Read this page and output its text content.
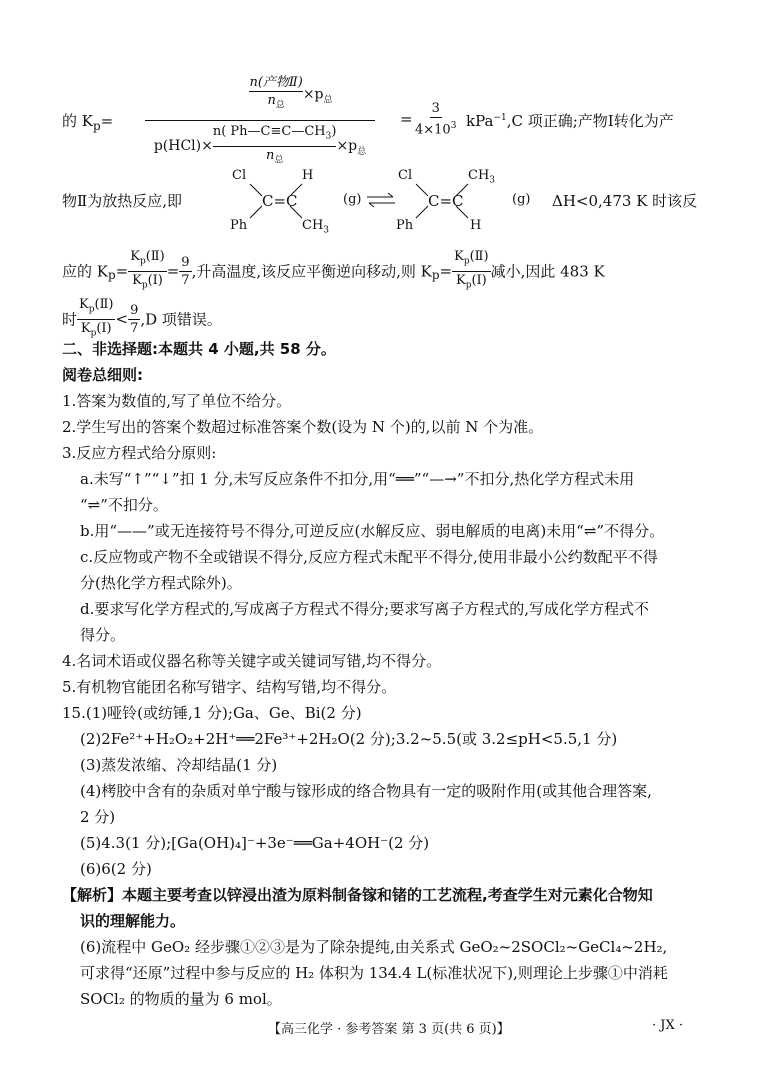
的 $K_p=$
n(产物Ⅱ)
$n_总$
$\times p_总$
p(HCl)×
n( $Ph—C\equiv C—CH_3$)
$n_总$
$\times p_总$
= $\frac{3}{4\times 10^3} kPa^{-1},C$ 项正确;产物Ⅰ转化为产
物Ⅱ为放热反应,即
Cl	H
C=C
Ph	$CH_3$
(g) ⇌
Cl	$CH_3$
C=C
Ph	H
(g) ΔH<0,473 K 时该反
应的 $K_p= \frac{K_p(Ⅱ)}{K_p(Ⅰ)} = \frac{9}{7}$ ,升高温度,该反应平衡逆向移动,则 $K_p= \frac{K_p(Ⅱ)}{K_p(Ⅰ)}$ 减小,因此 483 K
时 $\frac{K_p(Ⅱ)}{K_p(Ⅰ)} < \frac{9}{7} ,D$ 项错误。
二、非选择题:本题共 4 小题,共 58 分。
阅卷总细则:
1.答案为数值的,写了单位不给分。
2.学生写出的答案个数超过标准答案个数(设为 N 个)的,以前 N 个为准。
3.反应方程式给分原则:
a.未写“↑”“↓”扣 1 分,未写反应条件不扣分,用“══”“—→”不扣分,热化学方程式未用
“⇌”不扣分。
b.用“——”或无连接符号不得分,可逆反应(水解反应、弱电解质的电离)未用“⇌”不得分。
c.反应物或产物不全或错误不得分,反应方程式未配平不得分,使用非最小公约数配平不得
分(热化学方程式除外)。
d.要求写化学方程式的,写成离子方程式不得分;要求写离子方程式的,写成化学方程式不
得分。
4.名词术语或仪器名称等关键字或关键词写错,均不得分。
5.有机物官能团名称写错字、结构写错,均不得分。
15.(1)哑铃(或纺锤,1 分);Ga、Ge、Bi(2 分)
(2)2Fe²⁺+H₂O₂+2H⁺══2Fe³⁺+2H₂O(2 分);3.2~5.5(或 3.2≤pH<5.5,1 分)
(3)蒸发浓缩、冷却结晶(1 分)
(4)栲胶中含有的杂质对单宁酸与镓形成的络合物具有一定的吸附作用(或其他合理答案,
2 分)
(5)4.3(1 分);[Ga(OH)₄]⁻+3e⁻══Ga+4OH⁻(2 分)
(6)6(2 分)
【解析】本题主要考查以锌浸出渣为原料制备镓和锗的工艺流程,考查学生对元素化合物知
识的理解能力。
(6)流程中 GeO₂ 经步骤①②③是为了除杂提纯,由关系式 GeO₂~2SOCl₂~GeCl₄~2H₂,
可求得“还原”过程中参与反应的 H₂ 体积为 134.4 L(标准状况下),则理论上步骤①中消耗
SOCl₂ 的物质的量为 6 mol。
【高三化学 · 参考答案 第 3 页(共 6 页)】	· JX ·
